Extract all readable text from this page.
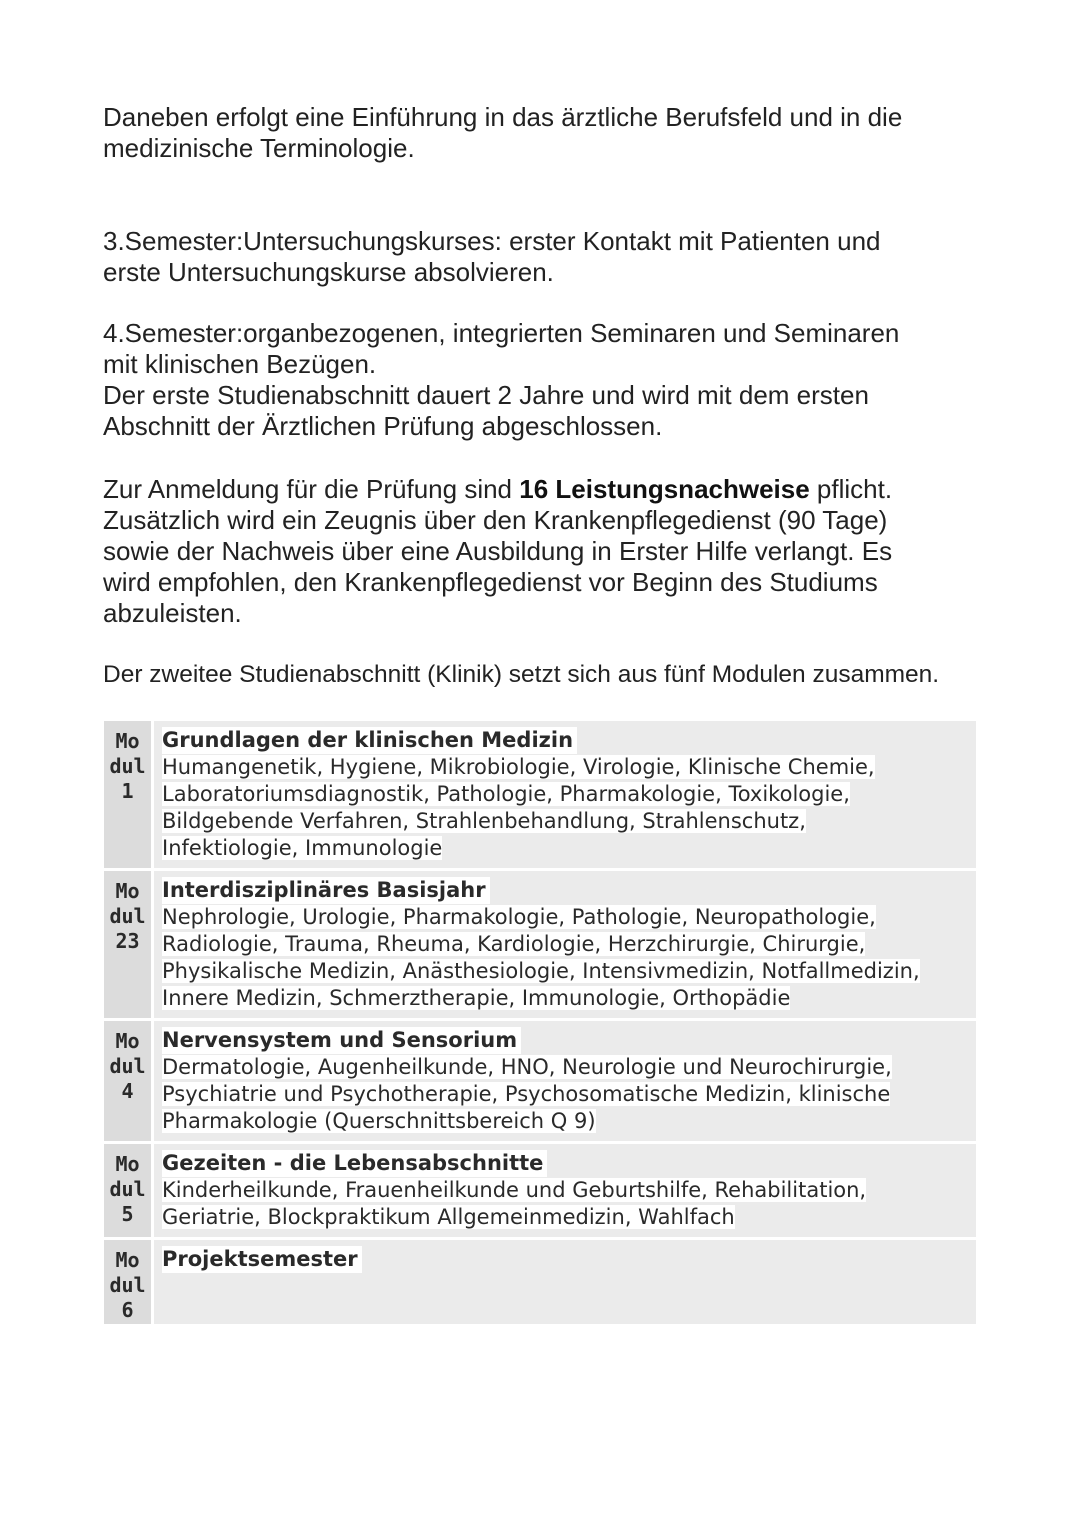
Daneben erfolgt eine Einführung in das ärztliche Berufsfeld und in die
medizinische Terminologie.

3.Semester:Untersuchungskurses: erster Kontakt mit Patienten und
erste Untersuchungskurse absolvieren.

4.Semester:organbezogenen, integrierten Seminaren und Seminaren
mit klinischen Bezügen.
Der erste Studienabschnitt dauert 2 Jahre und wird mit dem ersten
Abschnitt der Ärztlichen Prüfung abgeschlossen.

Zur Anmeldung für die Prüfung sind 16 Leistungsnachweise pflicht.
Zusätzlich wird ein Zeugnis über den Krankenpflegedienst (90 Tage)
sowie der Nachweis über eine Ausbildung in Erster Hilfe verlangt. Es
wird empfohlen, den Krankenpflegedienst vor Beginn des Studiums
abzuleisten.

Der zweitee Studienabschnitt (Klinik) setzt sich aus fünf Modulen zusammen.

Mo
dul
1
Grundlagen der klinischen Medizin
Humangenetik, Hygiene, Mikrobiologie, Virologie, Klinische Chemie,
Laboratoriumsdiagnostik, Pathologie, Pharmakologie, Toxikologie,
Bildgebende Verfahren, Strahlenbehandlung, Strahlenschutz,
Infektiologie, Immunologie
Mo
dul
23
Interdisziplinäres Basisjahr
Nephrologie, Urologie, Pharmakologie, Pathologie, Neuropathologie,
Radiologie, Trauma, Rheuma, Kardiologie, Herzchirurgie, Chirurgie,
Physikalische Medizin, Anästhesiologie, Intensivmedizin, Notfallmedizin,
Innere Medizin, Schmerztherapie, Immunologie, Orthopädie
Mo
dul
4
Nervensystem und Sensorium
Dermatologie, Augenheilkunde, HNO, Neurologie und Neurochirurgie,
Psychiatrie und Psychotherapie, Psychosomatische Medizin, klinische
Pharmakologie (Querschnittsbereich Q 9)
Mo
dul
5
Gezeiten - die Lebensabschnitte
Kinderheilkunde, Frauenheilkunde und Geburtshilfe, Rehabilitation,
Geriatrie, Blockpraktikum Allgemeinmedizin, Wahlfach
Mo
dul
6
Projektsemester
